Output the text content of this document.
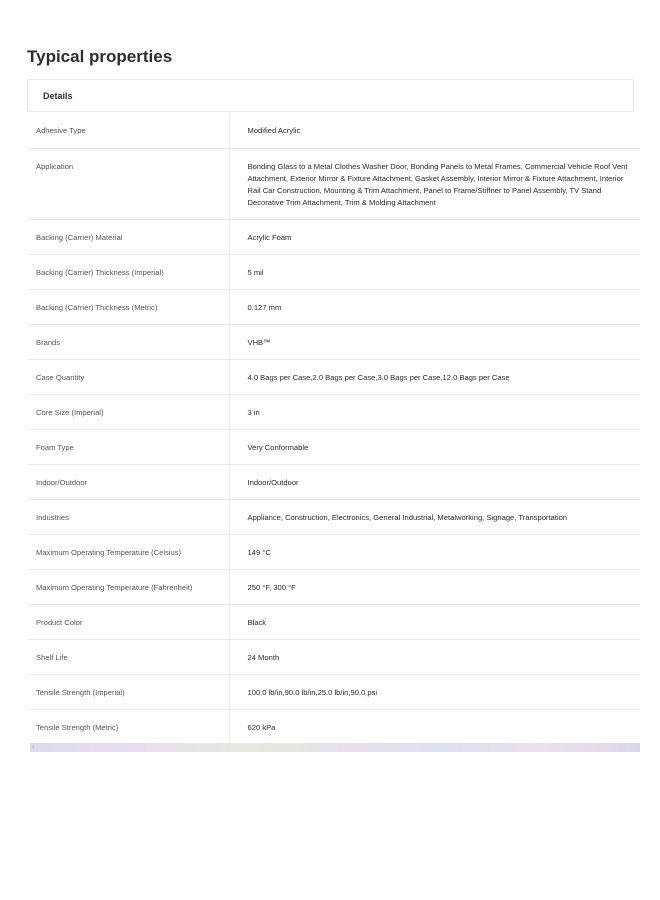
Typical properties
Details
Adhesive Type	Modified Acrylic
Application	Bonding Glass to a Metal Clothes Washer Door, Bonding Panels to Metal Frames, Commercial Vehicle Roof Vent Attachment, Exterior Mirror & Fixture Attachment, Gasket Assembly, Interior Mirror & Fixture Attachment, Interior Rail Car Construction, Mounting & Trim Attachment, Panel to Frame/Stiffner to Panel Assembly, TV Stand Decorative Trim Attachment, Trim & Molding Attachment
Backing (Carrier) Material	Acrylic Foam
Backing (Carrier) Thickness (Imperial)	5 mil
Backing (Carrier) Thickness (Metric)	0.127 mm
Brands	VHB™
Case Quantity	4.0 Bags per Case,2.0 Bags per Case,3.0 Bags per Case,12.0 Bags per Case
Core Size (Imperial)	3 in
Foam Type	Very Conformable
Indoor/Outdoor	Indoor/Outdoor
Industries	Appliance, Construction, Electronics, General Industrial, Metalworking, Signage, Transportation
Maximum Operating Temperature (Celsius)	149 °C
Maximum Operating Temperature (Fahrenheit)	250 °F, 300 °F
Product Color	Black
Shelf Life	24 Month
Tensile Strength (Imperial)	100.0 lb/in,90.0 lb/in,25.0 lb/in,90.0 psi
Tensile Strength (Metric)	620 kPa
‹
